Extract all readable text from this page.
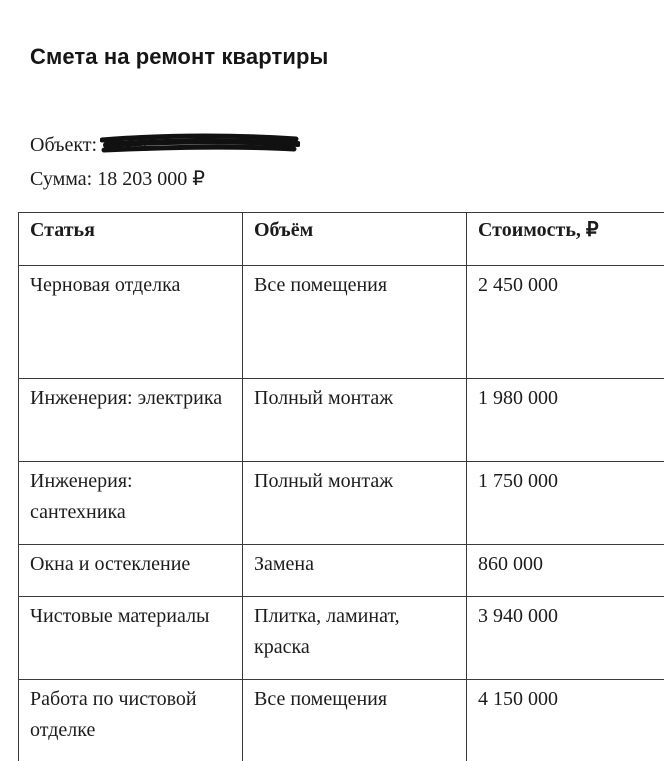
Смета на ремонт квартиры
Объект: Level
Сумма: 18 203 000 ₽
Статья	Объём	Стоимость, ₽
Черновая отделка	Все помещения	2 450 000
Инженерия: электрика	Полный монтаж	1 980 000
Инженерия: сантехника	Полный монтаж	1 750 000
Окна и остекление	Замена	860 000
Чистовые материалы	Плитка, ламинат, краска	3 940 000
Работа по чистовой отделке	Все помещения	4 150 000
